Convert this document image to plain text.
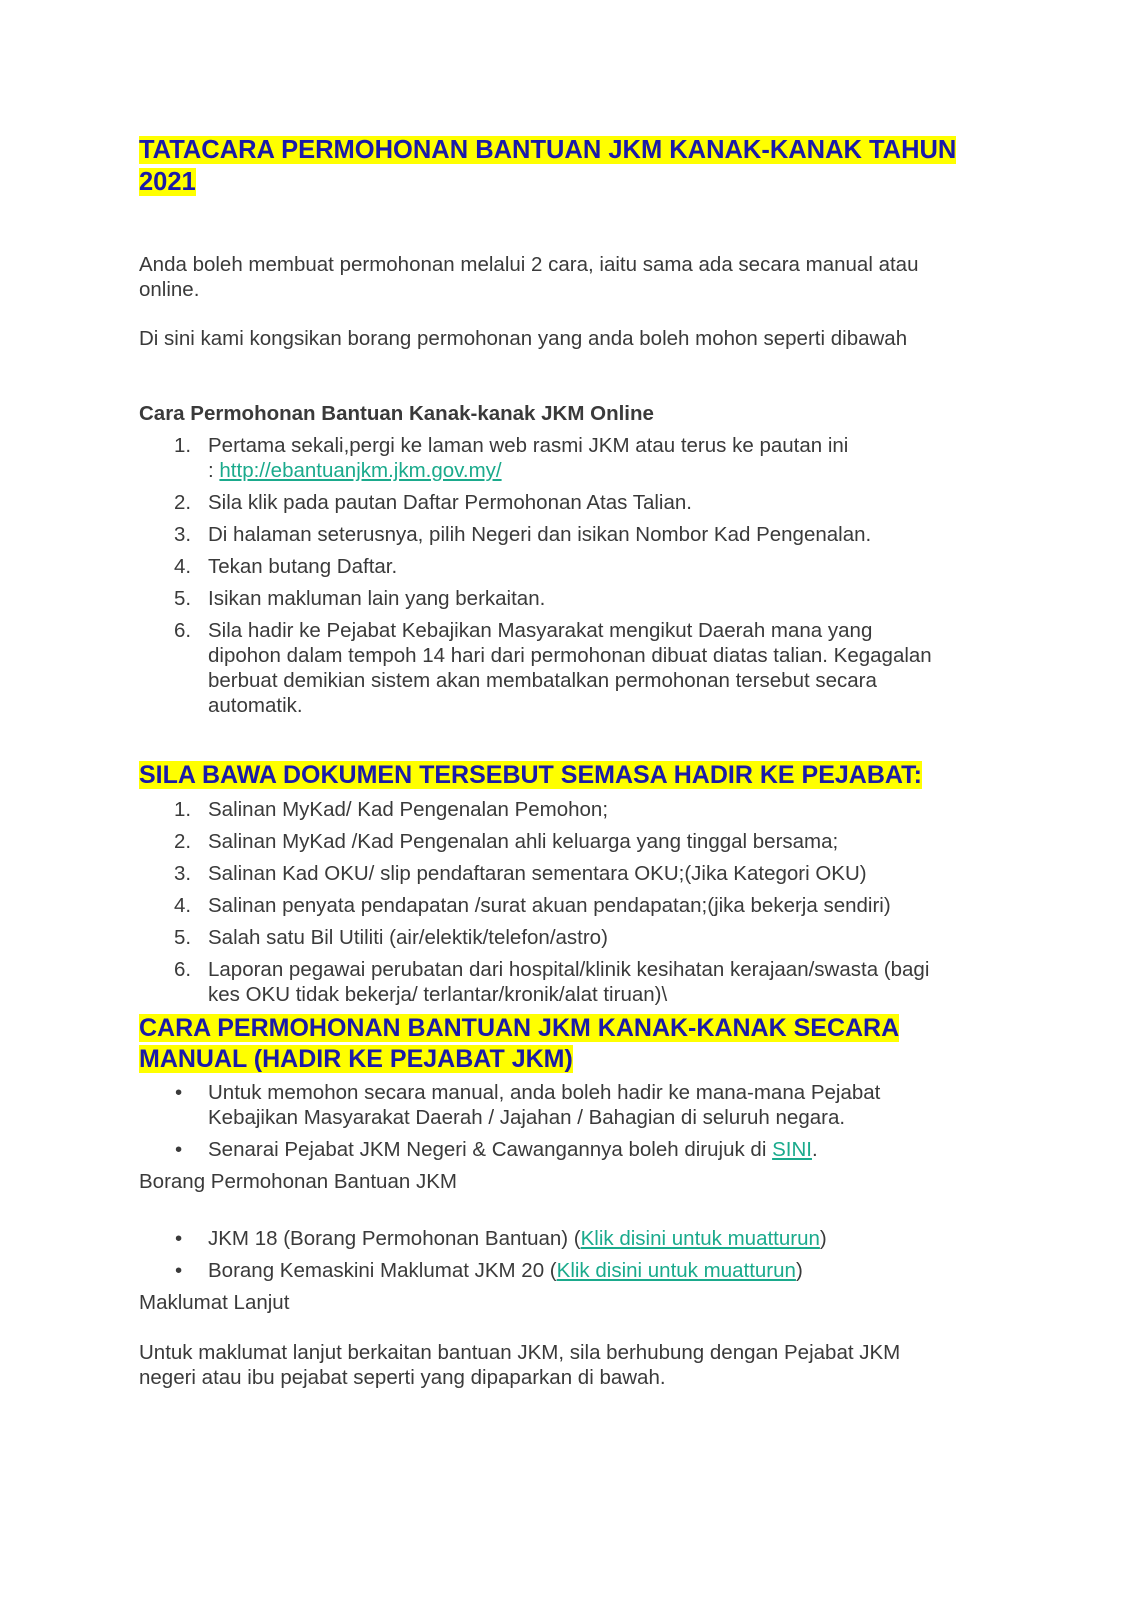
TATACARA PERMOHONAN BANTUAN JKM KANAK-KANAK TAHUN
2021

Anda boleh membuat permohonan melalui 2 cara, iaitu sama ada secara manual atau
online.

Di sini kami kongsikan borang permohonan yang anda boleh mohon seperti dibawah

Cara Permohonan Bantuan Kanak-kanak JKM Online
1. Pertama sekali,pergi ke laman web rasmi JKM atau terus ke pautan ini
: http://ebantuanjkm.jkm.gov.my/
2. Sila klik pada pautan Daftar Permohonan Atas Talian.
3. Di halaman seterusnya, pilih Negeri dan isikan Nombor Kad Pengenalan.
4. Tekan butang Daftar.
5. Isikan makluman lain yang berkaitan.
6. Sila hadir ke Pejabat Kebajikan Masyarakat mengikut Daerah mana yang
dipohon dalam tempoh 14 hari dari permohonan dibuat diatas talian. Kegagalan
berbuat demikian sistem akan membatalkan permohonan tersebut secara
automatik.
SILA BAWA DOKUMEN TERSEBUT SEMASA HADIR KE PEJABAT:
1. Salinan MyKad/ Kad Pengenalan Pemohon;
2. Salinan MyKad /Kad Pengenalan ahli keluarga yang tinggal bersama;
3. Salinan Kad OKU/ slip pendaftaran sementara OKU;(Jika Kategori OKU)
4. Salinan penyata pendapatan /surat akuan pendapatan;(jika bekerja sendiri)
5. Salah satu Bil Utiliti (air/elektik/telefon/astro)
6. Laporan pegawai perubatan dari hospital/klinik kesihatan kerajaan/swasta (bagi
kes OKU tidak bekerja/ terlantar/kronik/alat tiruan)\
CARA PERMOHONAN BANTUAN JKM KANAK-KANAK SECARA
MANUAL (HADIR KE PEJABAT JKM)
•	Untuk memohon secara manual, anda boleh hadir ke mana-mana Pejabat
Kebajikan Masyarakat Daerah / Jajahan / Bahagian di seluruh negara.
•	Senarai Pejabat JKM Negeri & Cawangannya boleh dirujuk di SINI.

Borang Permohonan Bantuan JKM

•	JKM 18 (Borang Permohonan Bantuan) (Klik disini untuk muatturun)
•	Borang Kemaskini Maklumat JKM 20 (Klik disini untuk muatturun)

Maklumat Lanjut

Untuk maklumat lanjut berkaitan bantuan JKM, sila berhubung dengan Pejabat JKM
negeri atau ibu pejabat seperti yang dipaparkan di bawah.
